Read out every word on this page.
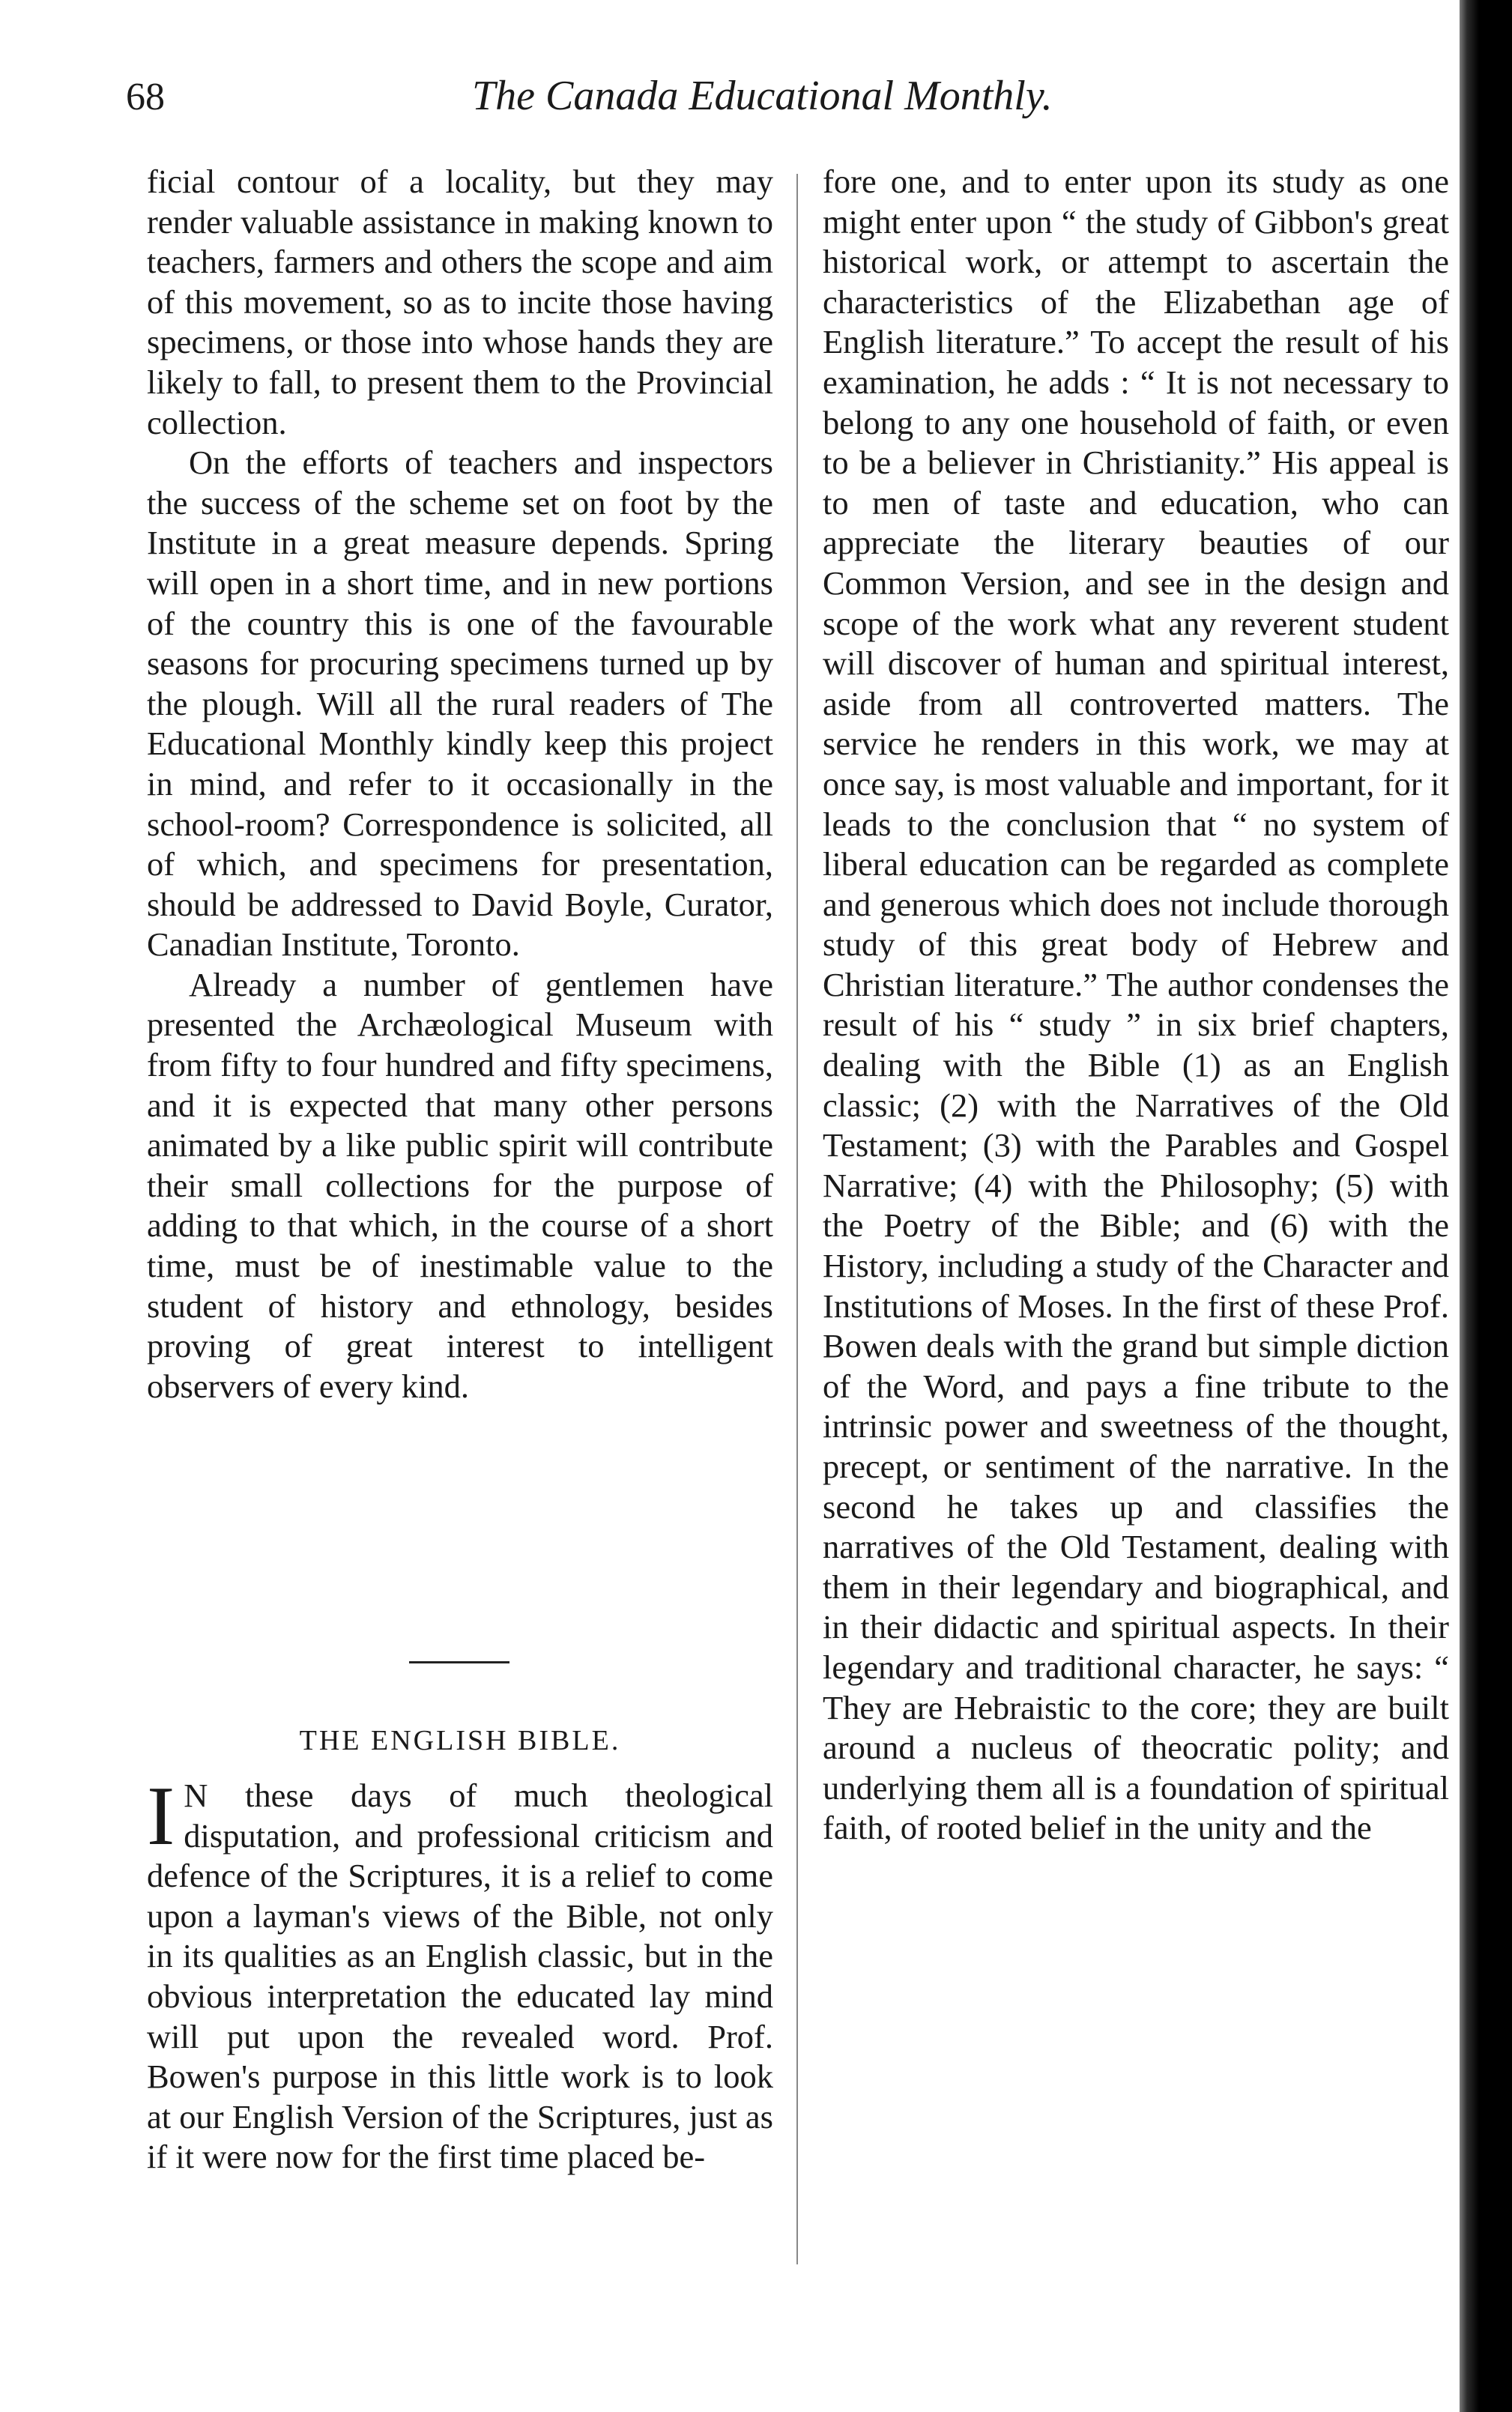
68	The Canada Educational Monthly.

ficial contour of a locality, but they may render valuable assistance in making known to teachers, farmers and others the scope and aim of this movement, so as to incite those having specimens, or those into whose hands they are likely to fall, to present them to the Provincial collection.

On the efforts of teachers and inspectors the success of the scheme set on foot by the Institute in a great measure depends. Spring will open in a short time, and in new portions of the country this is one of the favourable seasons for procuring specimens turned up by the plough. Will all the rural readers of The Educational Monthly kindly keep this project in mind, and refer to it occasionally in the school-room? Correspondence is solicited, all of which, and specimens for presentation, should be addressed to David Boyle, Curator, Canadian Institute, Toronto.

Already a number of gentlemen have presented the Archæological Museum with from fifty to four hundred and fifty specimens, and it is expected that many other persons animated by a like public spirit will contribute their small collections for the purpose of adding to that which, in the course of a short time, must be of inestimable value to the student of history and ethnology, besides proving of great interest to intelligent observers of every kind.

THE ENGLISH BIBLE.

I N these days of much theological disputation, and professional criticism and defence of the Scriptures, it is a relief to come upon a layman's views of the Bible, not only in its qualities as an English classic, but in the obvious interpretation the educated lay mind will put upon the revealed word. Prof. Bowen's purpose in this little work is to look at our English Version of the Scriptures, just as if it were now for the first time placed be-

fore one, and to enter upon its study as one might enter upon “ the study of Gibbon's great historical work, or attempt to ascertain the characteristics of the Elizabethan age of English literature.” To accept the result of his examination, he adds : “ It is not necessary to belong to any one household of faith, or even to be a believer in Christianity.” His appeal is to men of taste and education, who can appreciate the literary beauties of our Common Version, and see in the design and scope of the work what any reverent student will discover of human and spiritual interest, aside from all controverted matters. The service he renders in this work, we may at once say, is most valuable and important, for it leads to the conclusion that “ no system of liberal education can be regarded as complete and generous which does not include thorough study of this great body of Hebrew and Christian literature.” The author condenses the result of his “ study ” in six brief chapters, dealing with the Bible (1) as an English classic; (2) with the Narratives of the Old Testament; (3) with the Parables and Gospel Narrative; (4) with the Philosophy; (5) with the Poetry of the Bible; and (6) with the History, including a study of the Character and Institutions of Moses. In the first of these Prof. Bowen deals with the grand but simple diction of the Word, and pays a fine tribute to the intrinsic power and sweetness of the thought, precept, or sentiment of the narrative. In the second he takes up and classifies the narratives of the Old Testament, dealing with them in their legendary and biographical, and in their didactic and spiritual aspects. In their legendary and traditional character, he says: “ They are Hebraistic to the core; they are built around a nucleus of theocratic polity; and underlying them all is a foundation of spiritual faith, of rooted belief in the unity and the
